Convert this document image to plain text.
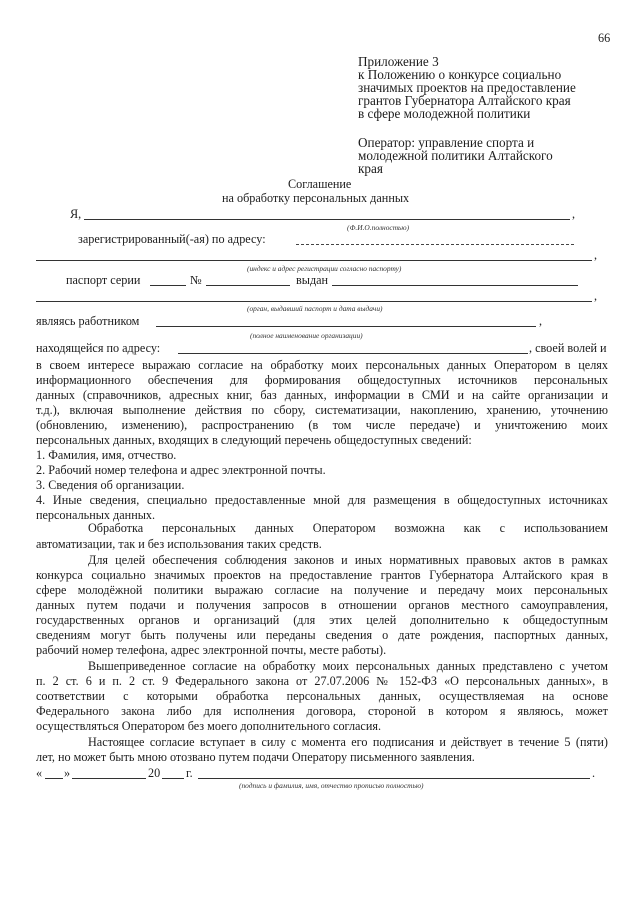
66
Приложение 3
к Положению о конкурсе социально
значимых проектов на предоставление
грантов Губернатора Алтайского края
в сфере молодежной политики
Оператор: управление спорта и
молодежной политики Алтайского
края
Соглашение
на обработку персональных данных
Я,	,
(Ф.И.О.полностью)
зарегистрированный(-ая) по адресу:
,
(индекс и адрес регистрации согласно паспорту)
паспорт серии	№	выдан
,
(орган, выдавший паспорт и дата выдачи)
являясь работником	,
(полное наименование организации)
находящейся по адресу:	, своей волей и
в своем интересе выражаю согласие на обработку моих персональных данных Оператором в целях
информационного обеспечения для формирования общедоступных источников персональных
данных (справочников, адресных книг, баз данных, информации в СМИ и на сайте организации и
т.д.), включая выполнение действия по сбору, систематизации, накоплению, хранению, уточнению
(обновлению, изменению), распространению (в том числе передаче) и уничтожению моих
персональных данных, входящих в следующий перечень общедоступных сведений:
1. Фамилия, имя, отчество.
2. Рабочий номер телефона и адрес электронной почты.
3. Сведения об организации.
4. Иные сведения, специально предоставленные мной для размещения в общедоступных источниках
персональных данных.
Обработка персональных данных Оператором возможна как с использованием
автоматизации, так и без использования таких средств.
Для целей обеспечения соблюдения законов и иных нормативных правовых актов в рамках
конкурса социально значимых проектов на предоставление грантов Губернатора Алтайского края в
сфере молодёжной политики выражаю согласие на получение и передачу моих персональных
данных путем подачи и получения запросов в отношении органов местного самоуправления,
государственных органов и организаций (для этих целей дополнительно к общедоступным
сведениям могут быть получены или переданы сведения о дате рождения, паспортных данных,
рабочий номер телефона, адрес электронной почты, месте работы).
Вышеприведенное согласие на обработку моих персональных данных представлено с учетом
п. 2 ст. 6 и п. 2 ст. 9 Федерального закона от 27.07.2006 № 152-ФЗ «О персональных данных», в
соответствии с которыми обработка персональных данных, осуществляемая на основе
Федерального закона либо для исполнения договора, стороной в котором я являюсь, может
осуществляться Оператором без моего дополнительного согласия.
Настоящее согласие вступает в силу с момента его подписания и действует в течение 5 (пяти)
лет, но может быть мною отозвано путем подачи Оператору письменного заявления.
« »	20 г.	.
(подпись и фамилия, имя, отчество прописью полностью)
